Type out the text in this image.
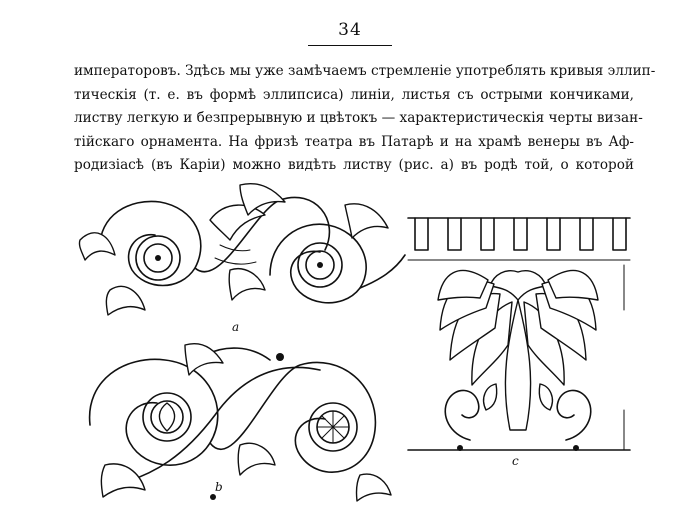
34
императоровъ. Здѣсь мы уже замѣчаемъ стремленіе употреблять кривыя эллип-
тическія (т. е. въ формѣ эллипсиса) линіи, листья съ острыми кончиками,
листву легкую и безпрерывную и цвѣтокъ — характеристическія черты визан-
тійскаго орнамента. На фризѣ театра въ Патарѣ и на храмѣ венеры въ Аф-
родизіасѣ (въ Каріи) можно видѣть листву (рис. а) въ родѣ той, о которой
a
b
c
